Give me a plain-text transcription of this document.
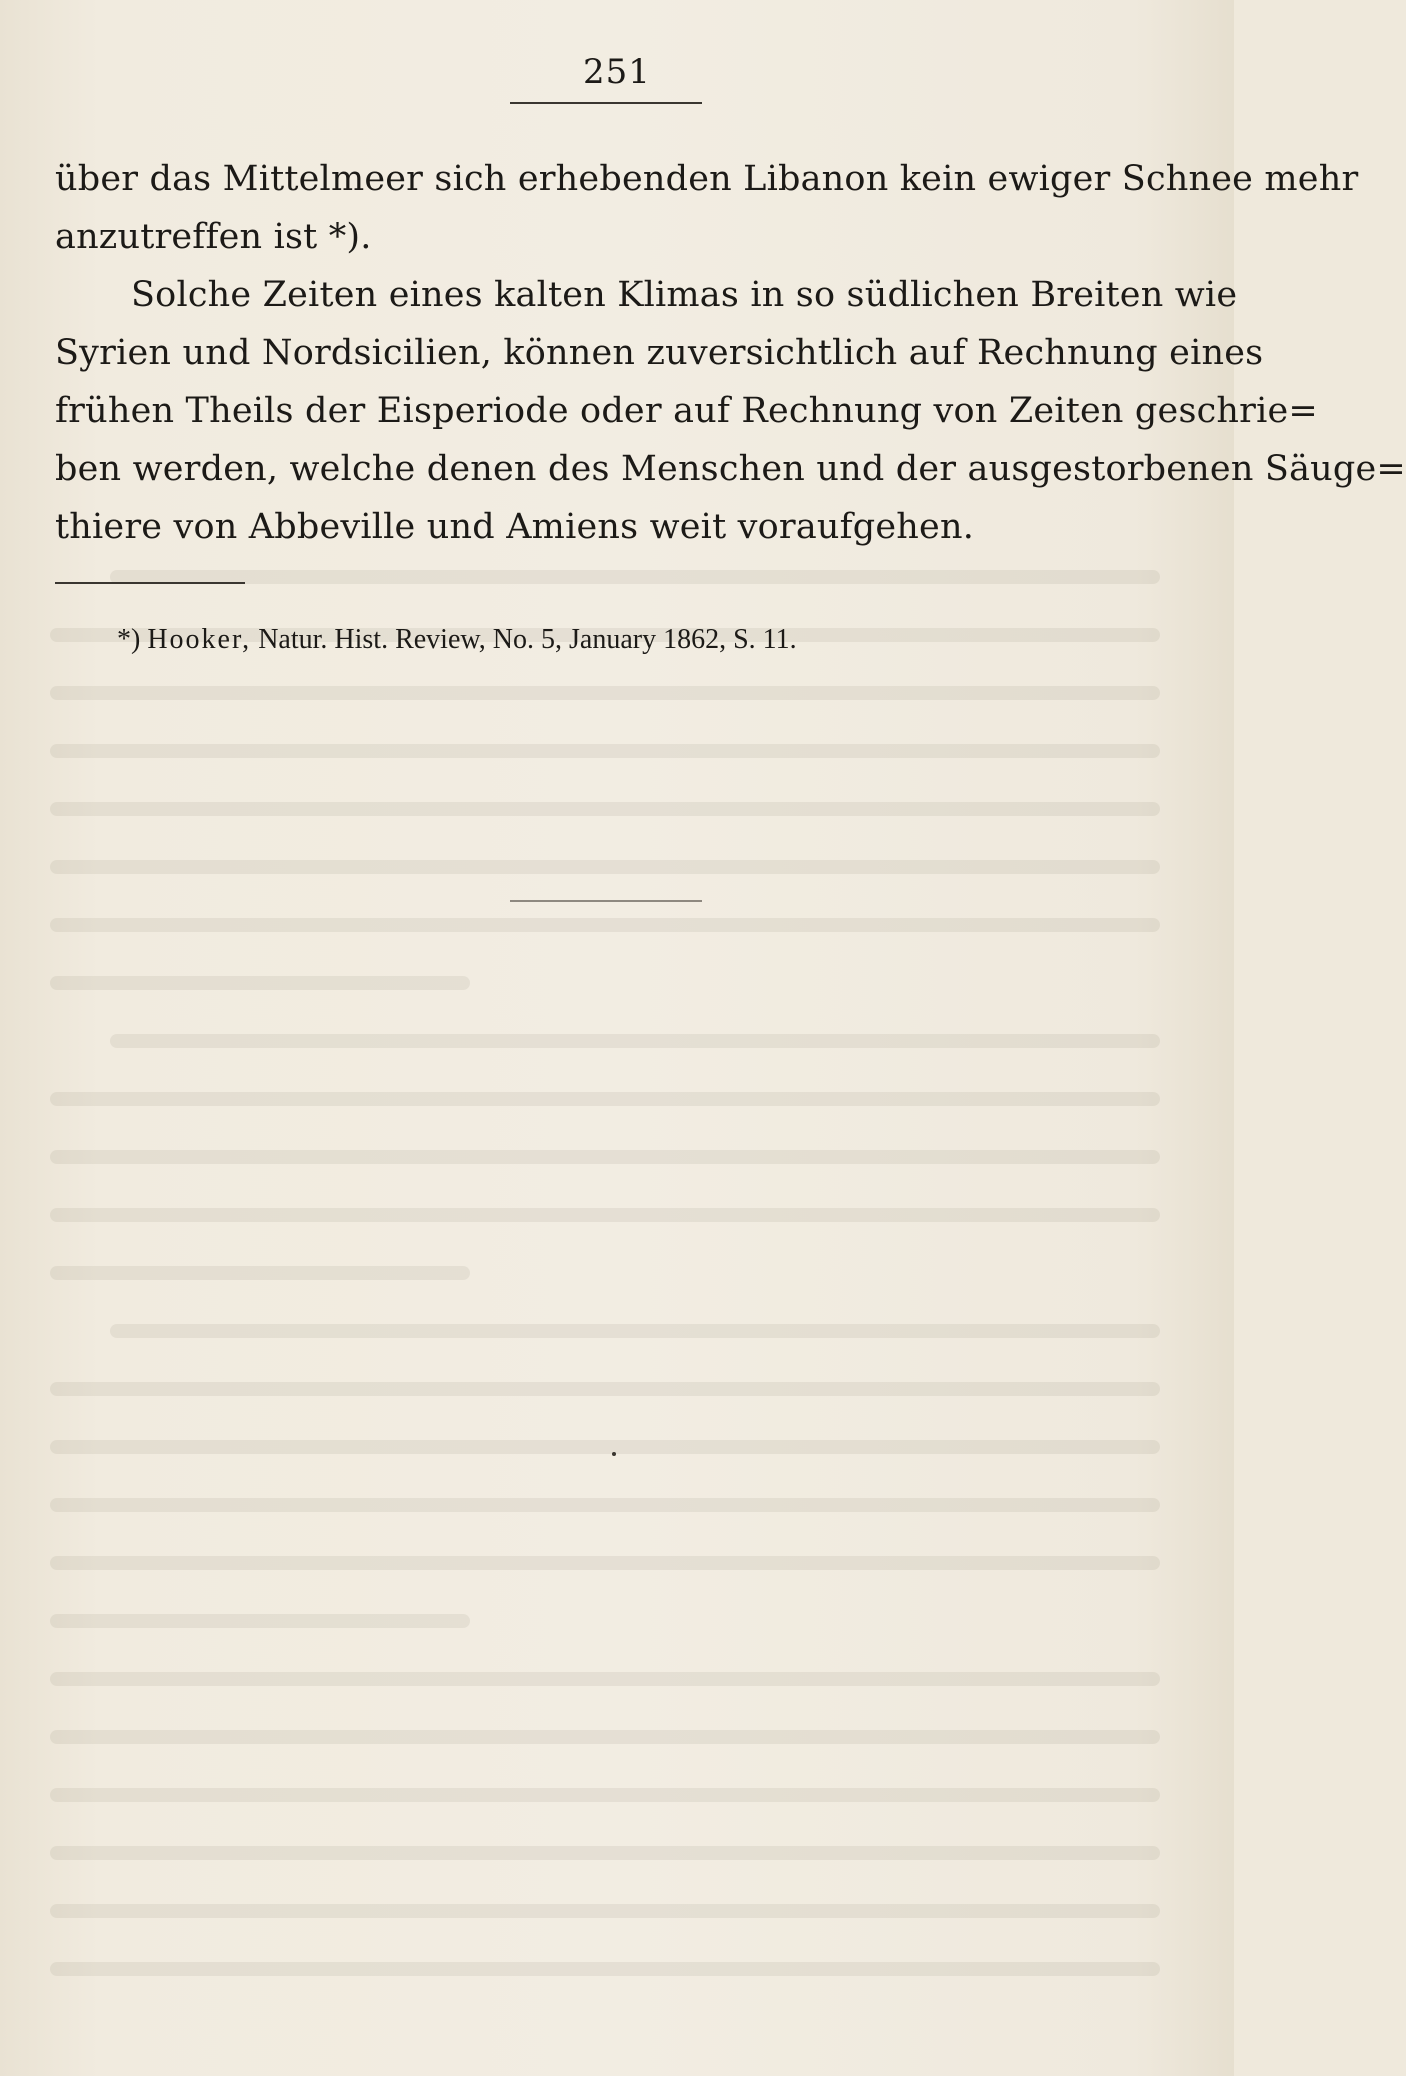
251
über das Mittelmeer sich erhebenden Libanon kein ewiger Schnee mehr
anzutreffen ist *).
Solche Zeiten eines kalten Klimas in so südlichen Breiten wie
Syrien und Nordsicilien, können zuversichtlich auf Rechnung eines
frühen Theils der Eisperiode oder auf Rechnung von Zeiten geschrie=
ben werden, welche denen des Menschen und der ausgestorbenen Säuge=
thiere von Abbeville und Amiens weit voraufgehen.
*) Hooker, Natur. Hist. Review, No. 5, January 1862, S. 11.
